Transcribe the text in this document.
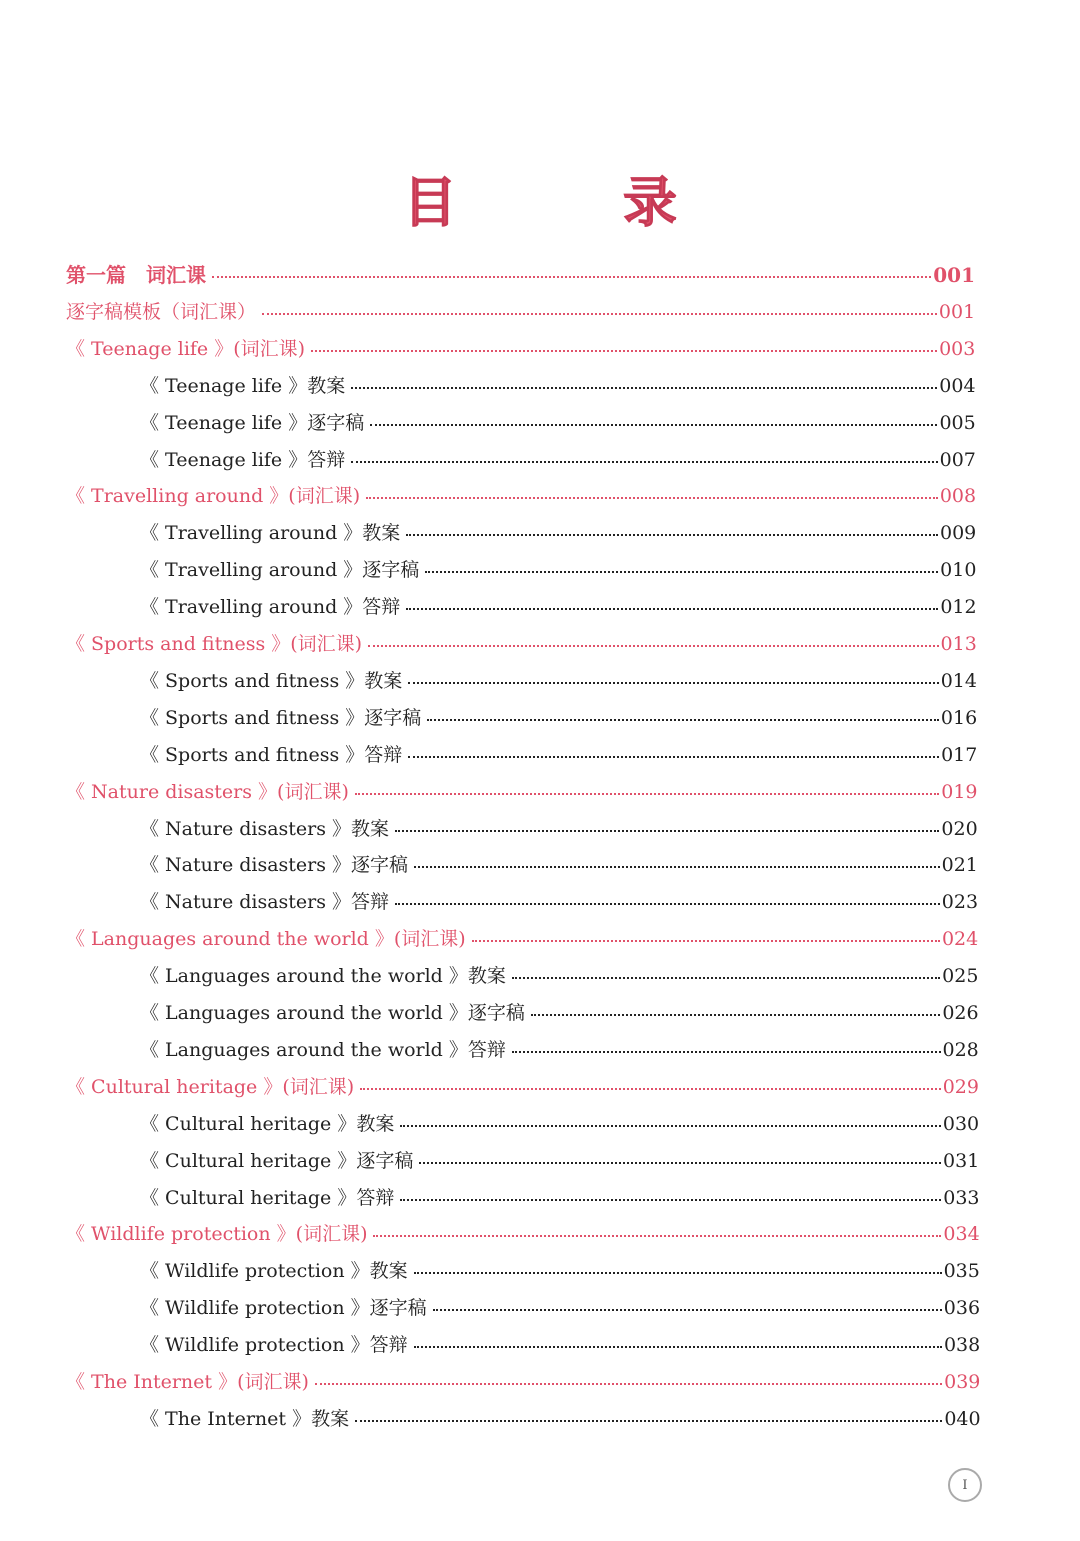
目　录
第一篇　词汇课	001
逐字稿模板（词汇课）	001
《 Teenage life 》(词汇课)	003
《 Teenage life 》教案	004
《 Teenage life 》逐字稿	005
《 Teenage life 》答辩	007
《 Travelling around 》(词汇课)	008
《 Travelling around 》教案	009
《 Travelling around 》逐字稿	010
《 Travelling around 》答辩	012
《 Sports and fitness 》(词汇课)	013
《 Sports and fitness 》教案	014
《 Sports and fitness 》逐字稿	016
《 Sports and fitness 》答辩	017
《 Nature disasters 》(词汇课)	019
《 Nature disasters 》教案	020
《 Nature disasters 》逐字稿	021
《 Nature disasters 》答辩	023
《 Languages around the world 》(词汇课)	024
《 Languages around the world 》教案	025
《 Languages around the world 》逐字稿	026
《 Languages around the world 》答辩	028
《 Cultural heritage 》(词汇课)	029
《 Cultural heritage 》教案	030
《 Cultural heritage 》逐字稿	031
《 Cultural heritage 》答辩	033
《 Wildlife protection 》(词汇课)	034
《 Wildlife protection 》教案	035
《 Wildlife protection 》逐字稿	036
《 Wildlife protection 》答辩	038
《 The Internet 》(词汇课)	039
《 The Internet 》教案	040
I
